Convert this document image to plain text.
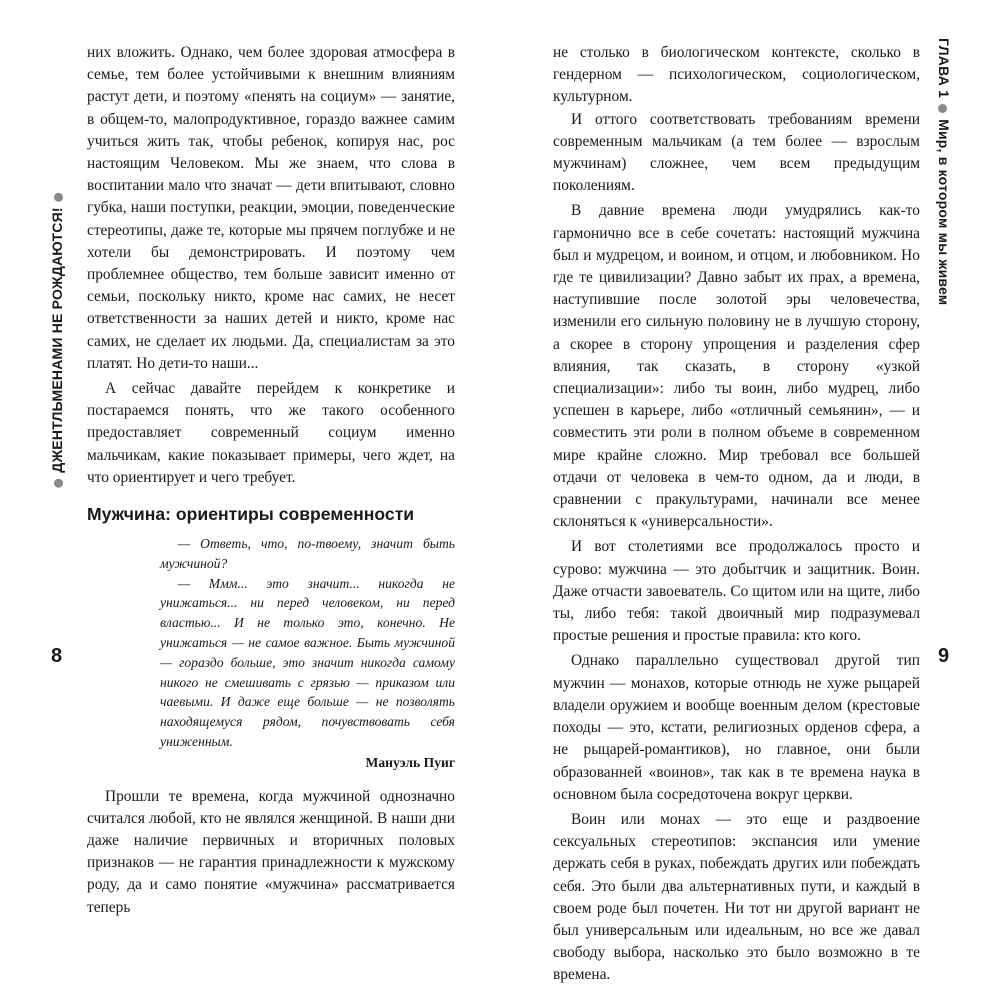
ДЖЕНТЛЬМЕНАМИ НЕ РОЖДАЮТСЯ!

них вложить. Однако, чем более здоровая атмосфера в семье, тем более устойчивыми к внешним влияниям растут дети, и поэтому «пенять на социум» — занятие, в общем-то, малопродуктивное, гораздо важнее самим учиться жить так, чтобы ребенок, копируя нас, рос настоящим Человеком. Мы же знаем, что слова в воспитании мало что значат — дети впитывают, словно губка, наши поступки, реакции, эмоции, поведенческие стереотипы, даже те, которые мы прячем поглубже и не хотели бы демонстрировать. И поэтому чем проблемнее общество, тем больше зависит именно от семьи, поскольку никто, кроме нас самих, не несет ответственности за наших детей и никто, кроме нас самих, не сделает их людьми. Да, специалистам за это платят. Но дети-то наши...

А сейчас давайте перейдем к конкретике и постараемся понять, что же такого особенного предоставляет современный социум именно мальчикам, какие показывает примеры, чего ждет, на что ориентирует и чего требует.

Мужчина: ориентиры современности

— Ответь, что, по-твоему, значит быть мужчиной?

— Ммм... это значит... никогда не унижаться... ни перед человеком, ни перед властью... И не только это, конечно. Не унижаться — не самое важное. Быть мужчиной — гораздо больше, это значит никогда самому никого не смешивать с грязью — приказом или чаевыми. И даже еще больше — не позволять находящемуся рядом, почувствовать себя униженным.

Мануэль Пуиг

Прошли те времена, когда мужчиной однозначно считался любой, кто не являлся женщиной. В наши дни даже наличие первичных и вторичных половых признаков — не гарантия принадлежности к мужскому роду, да и само понятие «мужчина» рассматривается теперь

8

не столько в биологическом контексте, сколько в гендерном — психологическом, социологическом, культурном.

И оттого соответствовать требованиям времени современным мальчикам (а тем более — взрослым мужчинам) сложнее, чем всем предыдущим поколениям.

В давние времена люди умудрялись как-то гармонично все в себе сочетать: настоящий мужчина был и мудрецом, и воином, и отцом, и любовником. Но где те цивилизации? Давно забыт их прах, а времена, наступившие после золотой эры человечества, изменили его сильную половину не в лучшую сторону, а скорее в сторону упрощения и разделения сфер влияния, так сказать, в сторону «узкой специализации»: либо ты воин, либо мудрец, либо успешен в карьере, либо «отличный семьянин», — и совместить эти роли в полном объеме в современном мире крайне сложно. Мир требовал все большей отдачи от человека в чем-то одном, да и люди, в сравнении с пракультурами, начинали все менее склоняться к «универсальности».

И вот столетиями все продолжалось просто и сурово: мужчина — это добытчик и защитник. Воин. Даже отчасти завоеватель. Со щитом или на щите, либо ты, либо тебя: такой двоичный мир подразумевал простые решения и простые правила: кто кого.

Однако параллельно существовал другой тип мужчин — монахов, которые отнюдь не хуже рыцарей владели оружием и вообще военным делом (крестовые походы — это, кстати, религиозных орденов сфера, а не рыцарей-романтиков), но главное, они были образованней «воинов», так как в те времена наука в основном была сосредоточена вокруг церкви.

Воин или монах — это еще и раздвоение сексуальных стереотипов: экспансия или умение держать себя в руках, побеждать других или побеждать себя. Это были два альтернативных пути, и каждый в своем роде был почетен. Ни тот ни другой вариант не был универсальным или идеальным, но все же давал свободу выбора, насколько это было возможно в те времена.

ГЛАВА 1Мир, в котором мы живем
9
